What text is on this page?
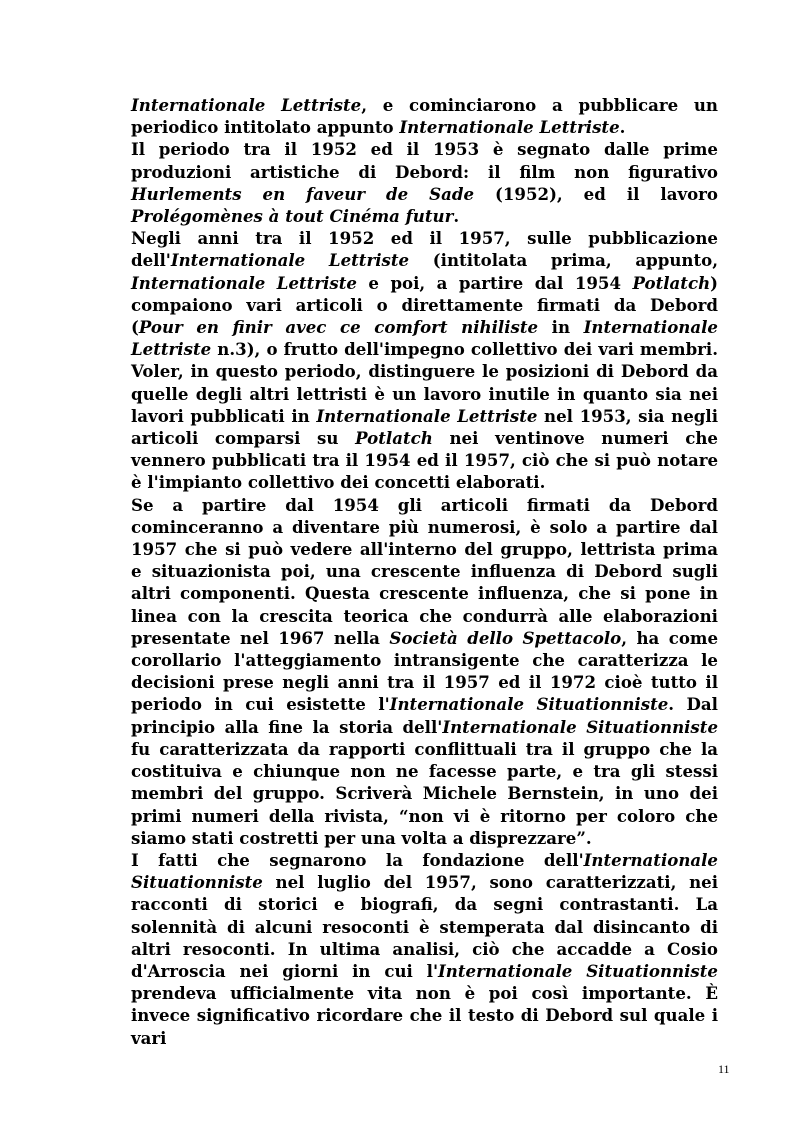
Internationale Lettriste, e cominciarono a pubblicare un periodico intitolato appunto Internationale Lettriste.

Il periodo tra il 1952 ed il 1953 è segnato dalle prime produzioni artistiche di Debord: il film non figurativo Hurlements en faveur de Sade (1952), ed il lavoro Prolégomènes à tout Cinéma futur.

Negli anni tra il 1952 ed il 1957, sulle pubblicazione dell'Internationale Lettriste (intitolata prima, appunto, Internationale Lettriste e poi, a partire dal 1954 Potlatch) compaiono vari articoli o direttamente firmati da Debord (Pour en finir avec ce comfort nihiliste in Internationale Lettriste n.3), o frutto dell'impegno collettivo dei vari membri. Voler, in questo periodo, distinguere le posizioni di Debord da quelle degli altri lettristi è un lavoro inutile in quanto sia nei lavori pubblicati in Internationale Lettriste nel 1953, sia negli articoli comparsi su Potlatch nei ventinove numeri che vennero pubblicati tra il 1954 ed il 1957, ciò che si può notare è l'impianto collettivo dei concetti elaborati.

Se a partire dal 1954 gli articoli firmati da Debord cominceranno a diventare più numerosi, è solo a partire dal 1957 che si può vedere all'interno del gruppo, lettrista prima e situazionista poi, una crescente influenza di Debord sugli altri componenti. Questa crescente influenza, che si pone in linea con la crescita teorica che condurrà alle elaborazioni presentate nel 1967 nella Società dello Spettacolo, ha come corollario l'atteggiamento intransigente che caratterizza le decisioni prese negli anni tra il 1957 ed il 1972 cioè tutto il periodo in cui esistette l'Internationale Situationniste. Dal principio alla fine la storia dell'Internationale Situationniste fu caratterizzata da rapporti conflittuali tra il gruppo che la costituiva e chiunque non ne facesse parte, e tra gli stessi membri del gruppo. Scriverà Michele Bernstein, in uno dei primi numeri della rivista, “non vi è ritorno per coloro che siamo stati costretti per una volta a disprezzare”.

I fatti che segnarono la fondazione dell'Internationale Situationniste nel luglio del 1957, sono caratterizzati, nei racconti di storici e biografi, da segni contrastanti. La solennità di alcuni resoconti è stemperata dal disincanto di altri resoconti. In ultima analisi, ciò che accadde a Cosio d'Arroscia nei giorni in cui l'Internationale Situationniste prendeva ufficialmente vita non è poi così importante. È invece significativo ricordare che il testo di Debord sul quale i vari

11
